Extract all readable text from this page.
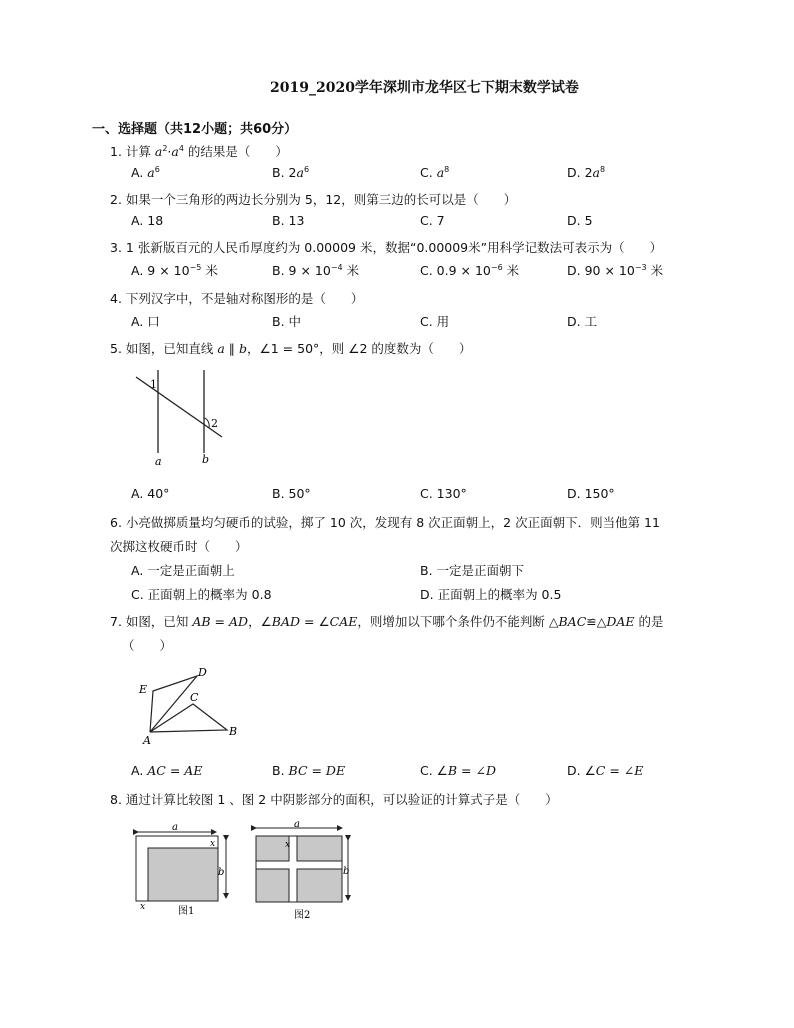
2019_2020学年深圳市龙华区七下期末数学试卷
一、选择题（共12小题；共60分）
1. 计算 $a^2\cdot a^4$ 的结果是（　　）
A. $a^6$	B. $2a^6$	C. $a^8$	D. $2a^8$
2. 如果一个三角形的两边长分别为 5，12，则第三边的长可以是（　　）
A. 18	B. 13	C. 7	D. 5
3. 1 张新版百元的人民币厚度约为 0.00009 米，数据“0.00009米”用科学记数法可表示为（　　）
A. $9 \times 10^{-5}$ 米	B. $9 \times 10^{-4}$ 米	C. $0.9 \times 10^{-6}$ 米	D. $90 \times 10^{-3}$ 米
4. 下列汉字中，不是轴对称图形的是（　　）
A. 口	B. 中	C. 用	D. 工
5. 如图，已知直线 a ∥ b，∠1 = 50°，则 ∠2 的度数为（　　）
1
2
a	b
A. 40°	B. 50°	C. 130°	D. 150°
6. 小亮做掷质量均匀硬币的试验，掷了 10 次，发现有 8 次正面朝上，2 次正面朝下．则当他第 11
次掷这枚硬币时（　　）
A. 一定是正面朝上	B. 一定是正面朝下
C. 正面朝上的概率为 0.8	D. 正面朝上的概率为 0.5
7. 如图，已知 AB = AD，∠BAD = ∠CAE，则增加以下哪个条件仍不能判断 △BAC≌△DAE 的是
（　　）
A
B
C
D
E
A. AC = AE	B. BC = DE	C. ∠B = ∠D	D. ∠C = ∠E
8. 通过计算比较图 1 、图 2 中阴影部分的面积，可以验证的计算式子是（　　）
a
b
x
x	图1
a
b
x
图2
